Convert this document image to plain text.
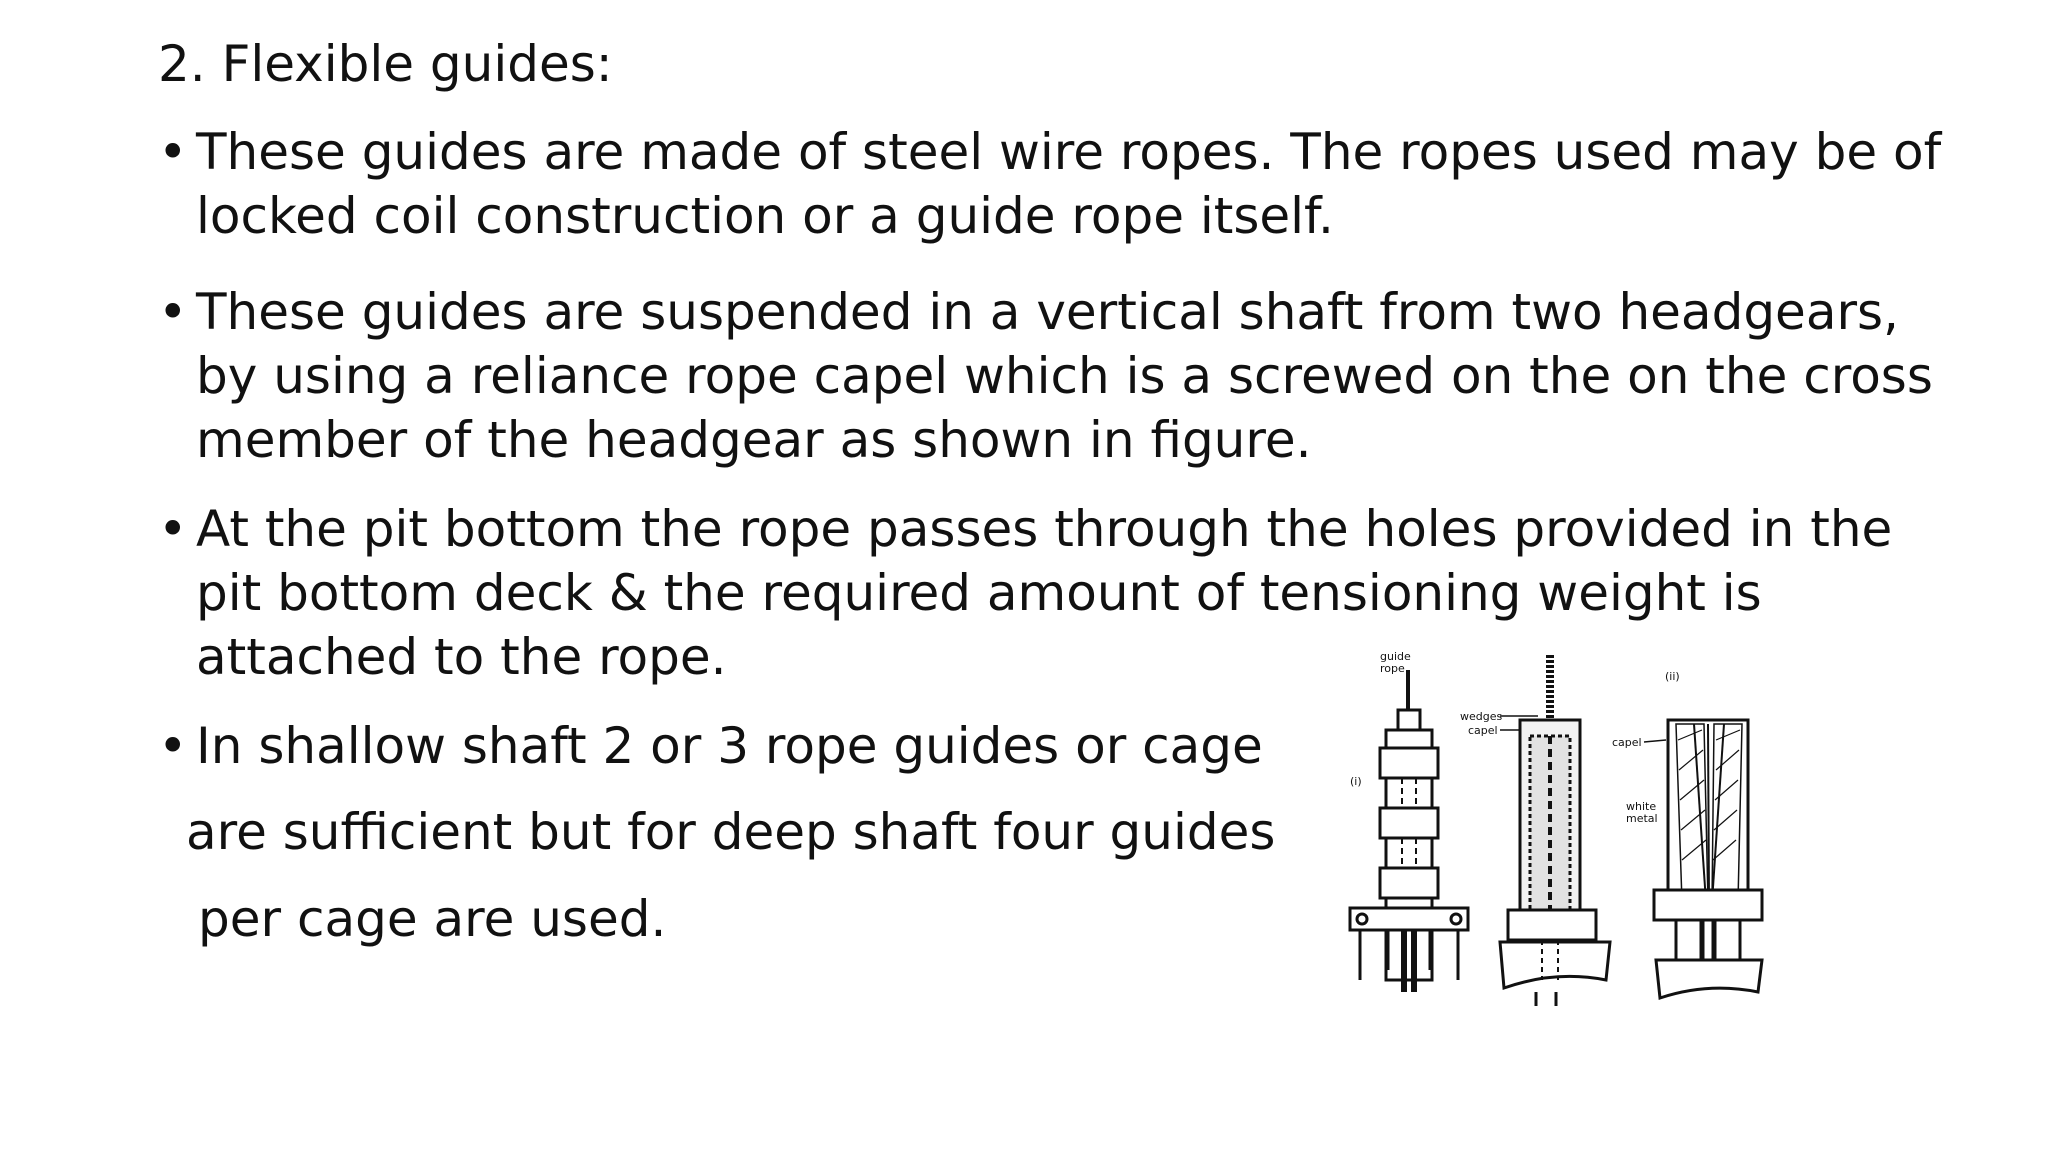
2. Flexible guides:
• These guides are made of steel wire ropes. The ropes used may be of
locked coil construction or a guide rope itself.
• These guides are suspended in a vertical shaft from two headgears,
by using a reliance rope capel which is a screwed on the on the cross
member of the headgear as shown in figure.
• At the pit bottom the rope passes through the holes provided in the
pit bottom deck & the required amount of tensioning weight is
attached to the rope.
• In shallow shaft 2 or 3 rope guides or cage
are sufficient but for deep shaft four guides
per cage are used.
guide
rope
(i)
(ii)
wedges
capel
capel
white
metal
